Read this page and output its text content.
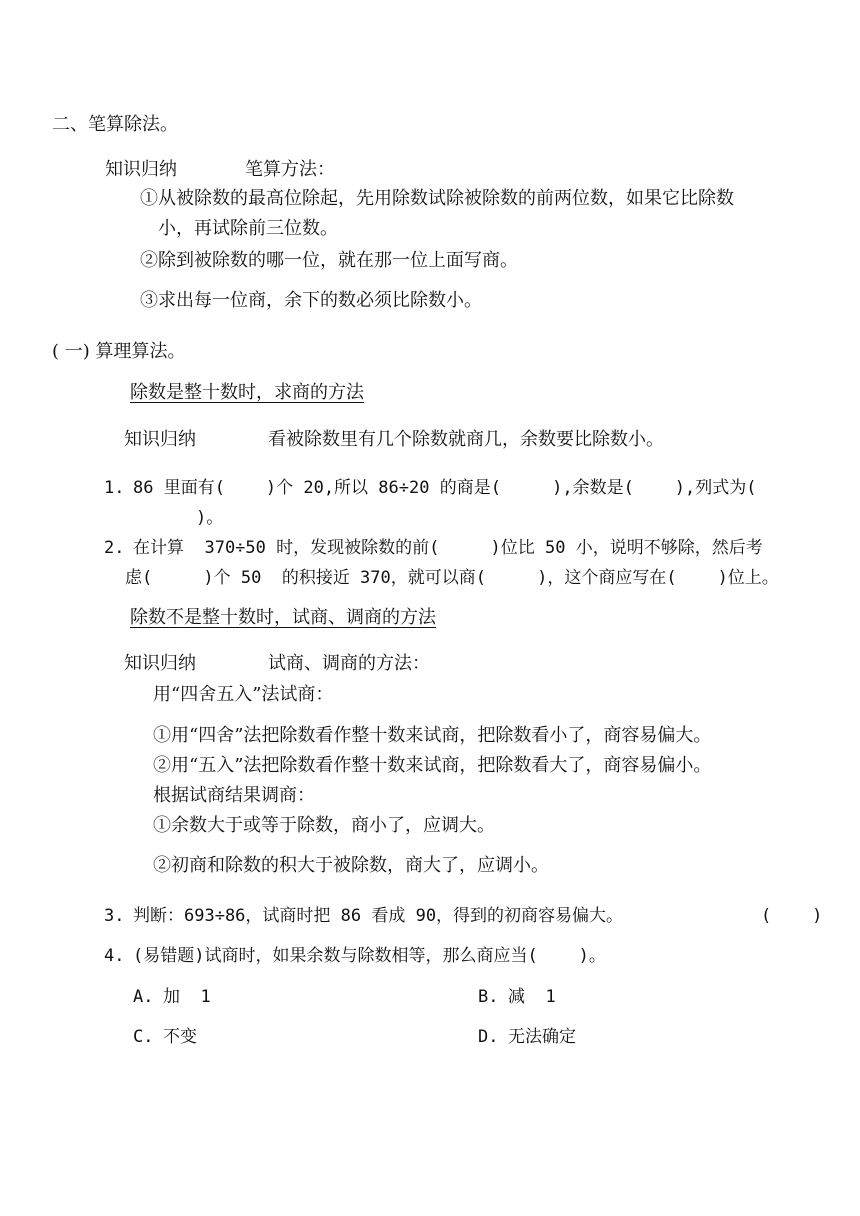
二、笔算除法。
知识归纳	笔算方法：
①从被除数的最高位除起，先用除数试除被除数的前两位数，如果它比除数
小，再试除前三位数。
②除到被除数的哪一位，就在那一位上面写商。
③求出每一位商，余下的数必须比除数小。
( 一) 算理算法。
除数是整十数时，求商的方法
知识归纳	看被除数里有几个除数就商几，余数要比除数小。
1. 86 里面有(    )个 20,所以 86÷20 的商是(     ),余数是(    ),列式为(
)。
2. 在计算  370÷50 时，发现被除数的前(     )位比 50 小，说明不够除，然后考
虑(     )个 50  的积接近 370，就可以商(     )，这个商应写在(    )位上。
除数不是整十数时，试商、调商的方法
知识归纳	试商、调商的方法：
用“四舍五入”法试商：
①用“四舍”法把除数看作整十数来试商，把除数看小了，商容易偏大。
②用“五入”法把除数看作整十数来试商，把除数看大了，商容易偏小。
根据试商结果调商：
①余数大于或等于除数，商小了，应调大。
②初商和除数的积大于被除数，商大了，应调小。
3. 判断：693÷86，试商时把 86 看成 90，得到的初商容易偏大。	(    )
4. (易错题)试商时，如果余数与除数相等，那么商应当(    )。
A. 加  1	B. 减  1
C. 不变	D. 无法确定
